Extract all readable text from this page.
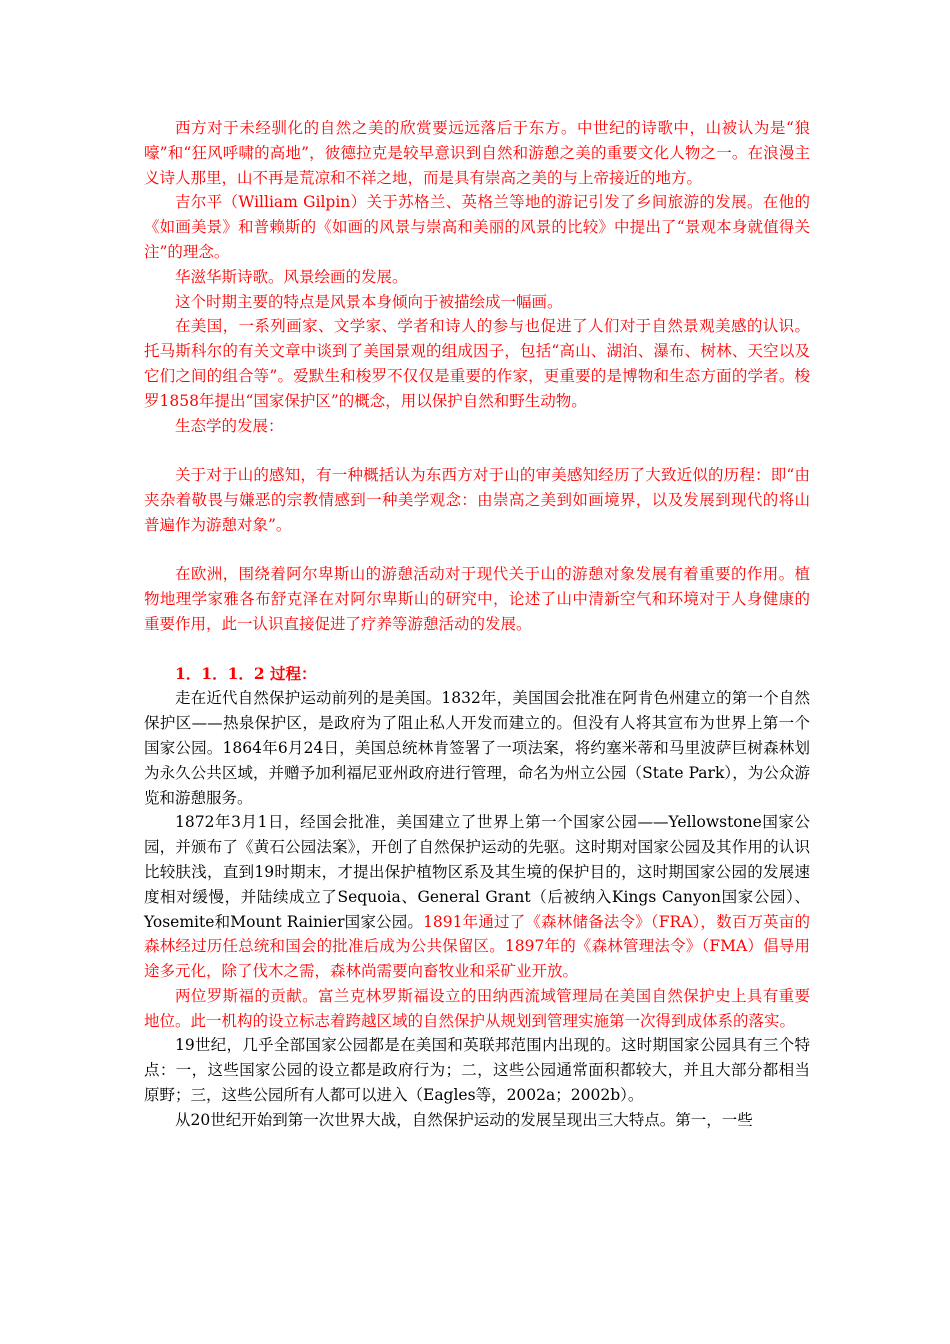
西方对于未经驯化的自然之美的欣赏要远远落后于东方。中世纪的诗歌中，山被认为是“狼嚎”和“狂风呼啸的高地”，彼德拉克是较早意识到自然和游憩之美的重要文化人物之一。在浪漫主义诗人那里，山不再是荒凉和不祥之地，而是具有崇高之美的与上帝接近的地方。

吉尔平（William Gilpin）关于苏格兰、英格兰等地的游记引发了乡间旅游的发展。在他的《如画美景》和普赖斯的《如画的风景与崇高和美丽的风景的比较》中提出了“景观本身就值得关注”的理念。

华滋华斯诗歌。风景绘画的发展。

这个时期主要的特点是风景本身倾向于被描绘成一幅画。

在美国，一系列画家、文学家、学者和诗人的参与也促进了人们对于自然景观美感的认识。托马斯科尔的有关文章中谈到了美国景观的组成因子，包括“高山、湖泊、瀑布、树林、天空以及它们之间的组合等”。爱默生和梭罗不仅仅是重要的作家，更重要的是博物和生态方面的学者。梭罗1858年提出“国家保护区”的概念，用以保护自然和野生动物。

生态学的发展：

关于对于山的感知，有一种概括认为东西方对于山的审美感知经历了大致近似的历程：即“由夹杂着敬畏与嫌恶的宗教情感到一种美学观念：由崇高之美到如画境界，以及发展到现代的将山普遍作为游憩对象”。

在欧洲，围绕着阿尔卑斯山的游憩活动对于现代关于山的游憩对象发展有着重要的作用。植物地理学家雅各布舒克泽在对阿尔卑斯山的研究中，论述了山中清新空气和环境对于人身健康的重要作用，此一认识直接促进了疗养等游憩活动的发展。

1．1．1．2 过程：

走在近代自然保护运动前列的是美国。1832年，美国国会批准在阿肯色州建立的第一个自然保护区——热泉保护区，是政府为了阻止私人开发而建立的。但没有人将其宣布为世界上第一个国家公园。1864年6月24日，美国总统林肯签署了一项法案，将约塞米蒂和马里波萨巨树森林划为永久公共区域，并赠予加利福尼亚州政府进行管理，命名为州立公园（State Park），为公众游览和游憩服务。

1872年3月1日，经国会批准，美国建立了世界上第一个国家公园——Yellowstone国家公园，并颁布了《黄石公园法案》，开创了自然保护运动的先驱。这时期对国家公园及其作用的认识比较肤浅，直到19时期末，才提出保护植物区系及其生境的保护目的，这时期国家公园的发展速度相对缓慢，并陆续成立了Sequoia、General Grant（后被纳入Kings Canyon国家公园）、Yosemite和Mount Rainier国家公园。1891年通过了《森林储备法令》（FRA），数百万英亩的森林经过历任总统和国会的批准后成为公共保留区。1897年的《森林管理法令》（FMA）倡导用途多元化，除了伐木之需，森林尚需要向畜牧业和采矿业开放。

两位罗斯福的贡献。富兰克林罗斯福设立的田纳西流域管理局在美国自然保护史上具有重要地位。此一机构的设立标志着跨越区域的自然保护从规划到管理实施第一次得到成体系的落实。

19世纪，几乎全部国家公园都是在美国和英联邦范围内出现的。这时期国家公园具有三个特点：一，这些国家公园的设立都是政府行为；二，这些公园通常面积都较大，并且大部分都相当原野；三，这些公园所有人都可以进入（Eagles等，2002a；2002b）。

从20世纪开始到第一次世界大战，自然保护运动的发展呈现出三大特点。第一，一些
